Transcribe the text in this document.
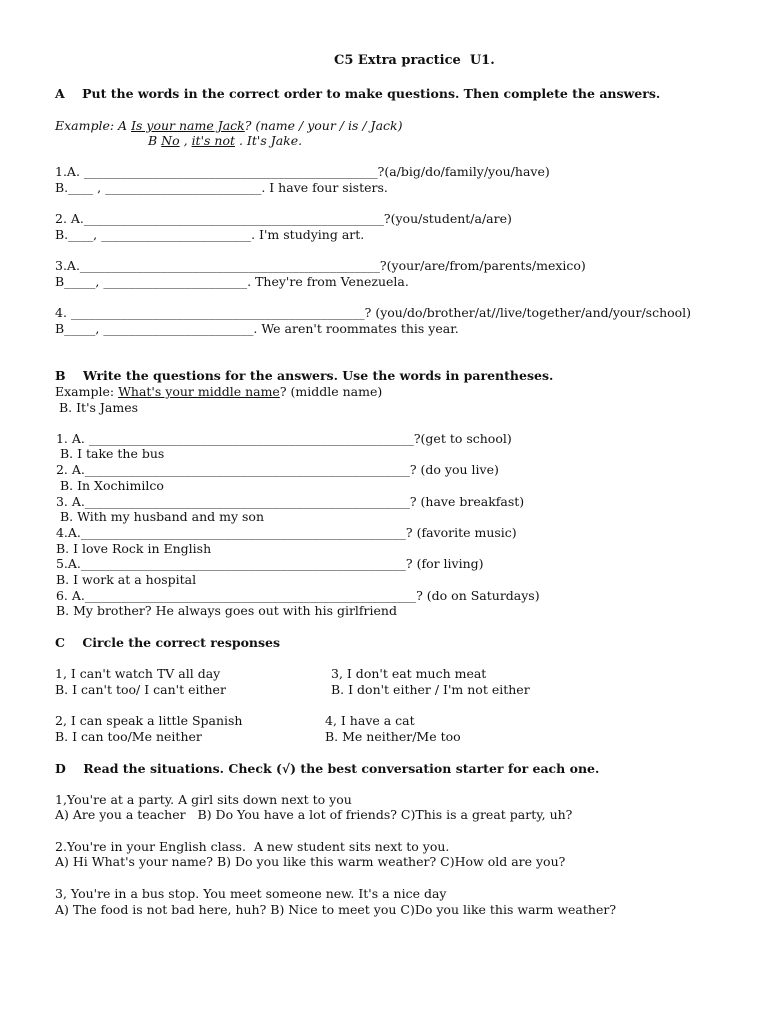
C5 Extra practice  U1.
A    Put the words in the correct order to make questions. Then complete the answers.
Example: A Is your name Jack? (name / your / is / Jack)
B No , it's not . It's Jake.
1.A. _______________________________________________?(a/big/do/family/you/have)
B.____ , _________________________. I have four sisters.
2. A.________________________________________________?(you/student/a/are)
B.____, ________________________. I'm studying art.
3.A.________________________________________________?(your/are/from/parents/mexico)
B_____, _______________________. They're from Venezuela.
4. _______________________________________________? (you/do/brother/at//live/together/and/your/school)
B_____, ________________________. We aren't roommates this year.
B    Write the questions for the answers. Use the words in parentheses.
Example: What's your middle name? (middle name)
B. It's James
1. A. ____________________________________________________?(get to school)
B. I take the bus
2. A.____________________________________________________? (do you live)
B. In Xochimilco
3. A.____________________________________________________? (have breakfast)
B. With my husband and my son
4.A.____________________________________________________? (favorite music)
B. I love Rock in English
5.A.____________________________________________________? (for living)
B. I work at a hospital
6. A._____________________________________________________? (do on Saturdays)
B. My brother? He always goes out with his girlfriend
C    Circle the correct responses
1, I can't watch TV all day
B. I can't too/ I can't either
3, I don't eat much meat
B. I don't either / I'm not either
2, I can speak a little Spanish
B. I can too/Me neither
4, I have a cat
B. Me neither/Me too
D    Read the situations. Check (√) the best conversation starter for each one.
1,You're at a party. A girl sits down next to you
A) Are you a teacher   B) Do You have a lot of friends? C)This is a great party, uh?
2.You're in your English class.  A new student sits next to you.
A) Hi What's your name? B) Do you like this warm weather? C)How old are you?
3, You're in a bus stop. You meet someone new. It's a nice day
A) The food is not bad here, huh? B) Nice to meet you C)Do you like this warm weather?
